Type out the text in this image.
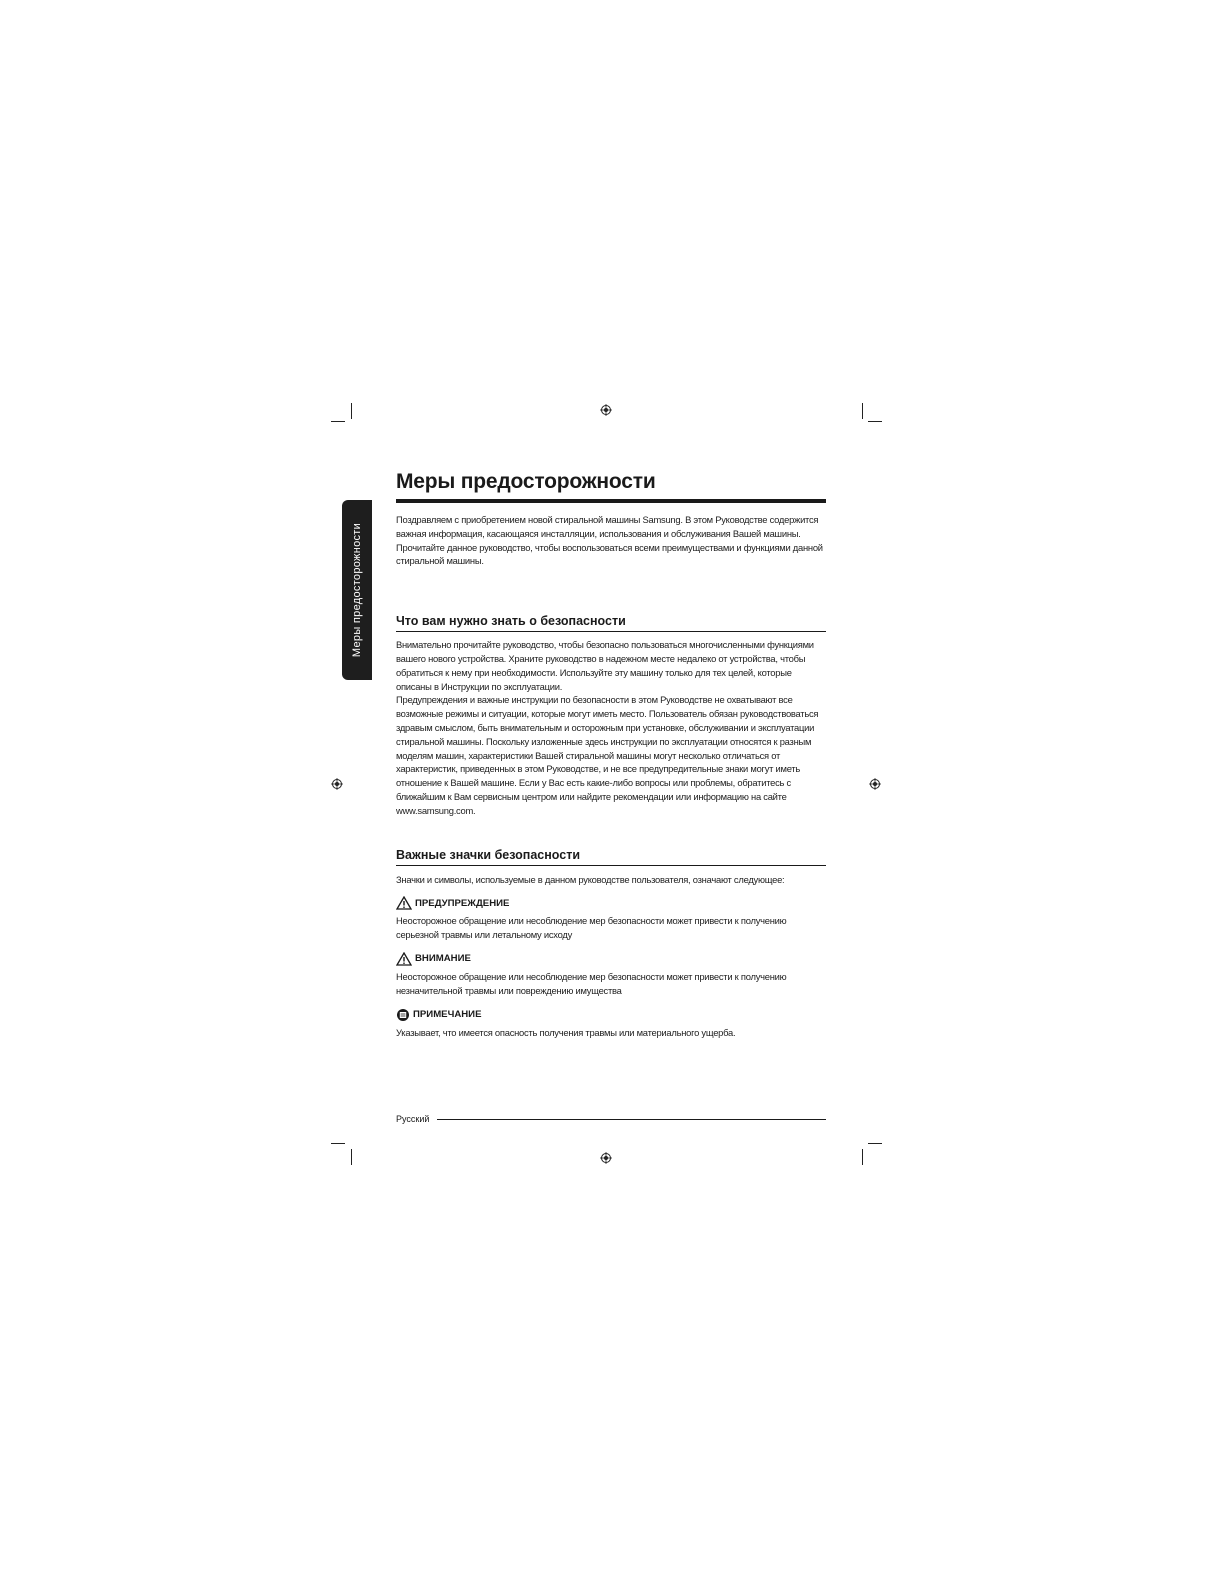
Меры предосторожности
Меры предосторожности

Поздравляем с приобретением новой стиральной машины Samsung. В этом Руководстве содержится важная информация, касающаяся инсталляции, использования и обслуживания Вашей машины. Прочитайте данное руководство, чтобы воспользоваться всеми преимуществами и функциями данной стиральной машины.

Что вам нужно знать о безопасности

Внимательно прочитайте руководство, чтобы безопасно пользоваться многочисленными функциями вашего нового устройства. Храните руководство в надежном месте недалеко от устройства, чтобы обратиться к нему при необходимости. Используйте эту машину только для тех целей, которые описаны в Инструкции по эксплуатации.

Предупреждения и важные инструкции по безопасности в этом Руководстве не охватывают все возможные режимы и ситуации, которые могут иметь место. Пользователь обязан руководствоваться здравым смыслом, быть внимательным и осторожным при установке, обслуживании и эксплуатации стиральной машины. Поскольку изложенные здесь инструкции по эксплуатации относятся к разным моделям машин, характеристики Вашей стиральной машины могут несколько отличаться от характеристик, приведенных в этом Руководстве, и не все предупредительные знаки могут иметь отношение к Вашей машине. Если у Вас есть какие-либо вопросы или проблемы, обратитесь с ближайшим к Вам сервисным центром или найдите рекомендации или информацию на сайте www.samsung.com.

Важные значки безопасности

Значки и символы, используемые в данном руководстве пользователя, означают следующее:

ПРЕДУПРЕЖДЕНИЕ

Неосторожное обращение или несоблюдение мер безопасности может привести к получению серьезной травмы или летальному исходу

ВНИМАНИЕ

Неосторожное обращение или несоблюдение мер безопасности может привести к получению незначительной травмы или повреждению имущества

ПРИМЕЧАНИЕ

Указывает, что имеется опасность получения травмы или материального ущерба.

Русский
